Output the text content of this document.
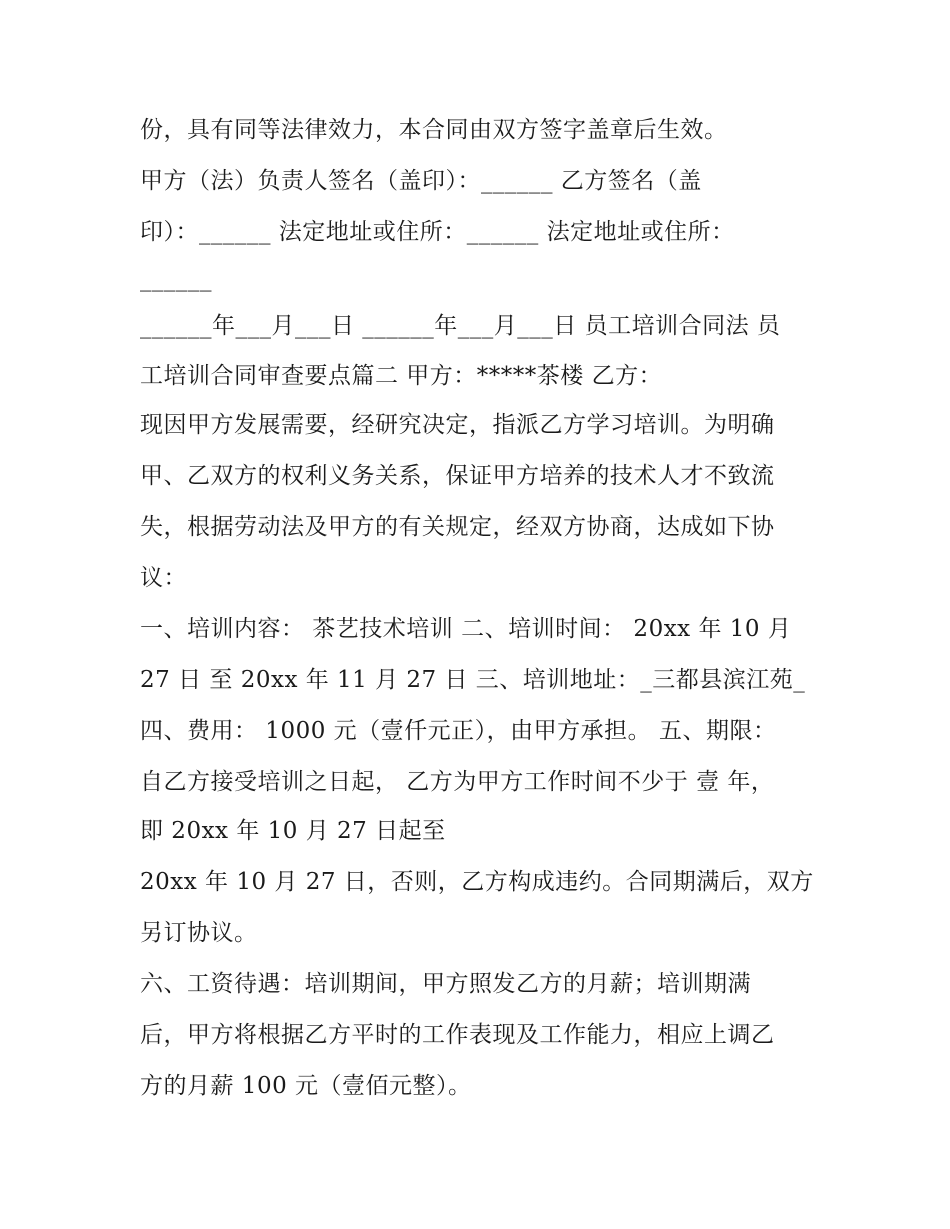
份，具有同等法律效力，本合同由双方签字盖章后生效。

甲方（法）负责人签名（盖印）：______ 乙方签名（盖

印）：______ 法定地址或住所：______ 法定地址或住所：

______

______年___月___日 ______年___月___日 员工培训合同法 员

工培训合同审查要点篇二 甲方：*****茶楼 乙方：

现因甲方发展需要，经研究决定，指派乙方学习培训。为明确

甲、乙双方的权利义务关系，保证甲方培养的技术人才不致流

失，根据劳动法及甲方的有关规定，经双方协商，达成如下协

议：

一、培训内容： 茶艺技术培训 二、培训时间： 20xx 年 10 月

27 日 至 20xx 年 11 月 27 日 三、培训地址：_三都县滨江苑_

四、费用： 1000 元（壹仟元正），由甲方承担。 五、期限：

自乙方接受培训之日起， 乙方为甲方工作时间不少于 壹 年，

即 20xx 年 10 月 27 日起至

20xx 年 10 月 27 日，否则，乙方构成违约。合同期满后，双方

另订协议。

六、工资待遇：培训期间，甲方照发乙方的月薪；培训期满

后，甲方将根据乙方平时的工作表现及工作能力，相应上调乙

方的月薪 100 元（壹佰元整）。
